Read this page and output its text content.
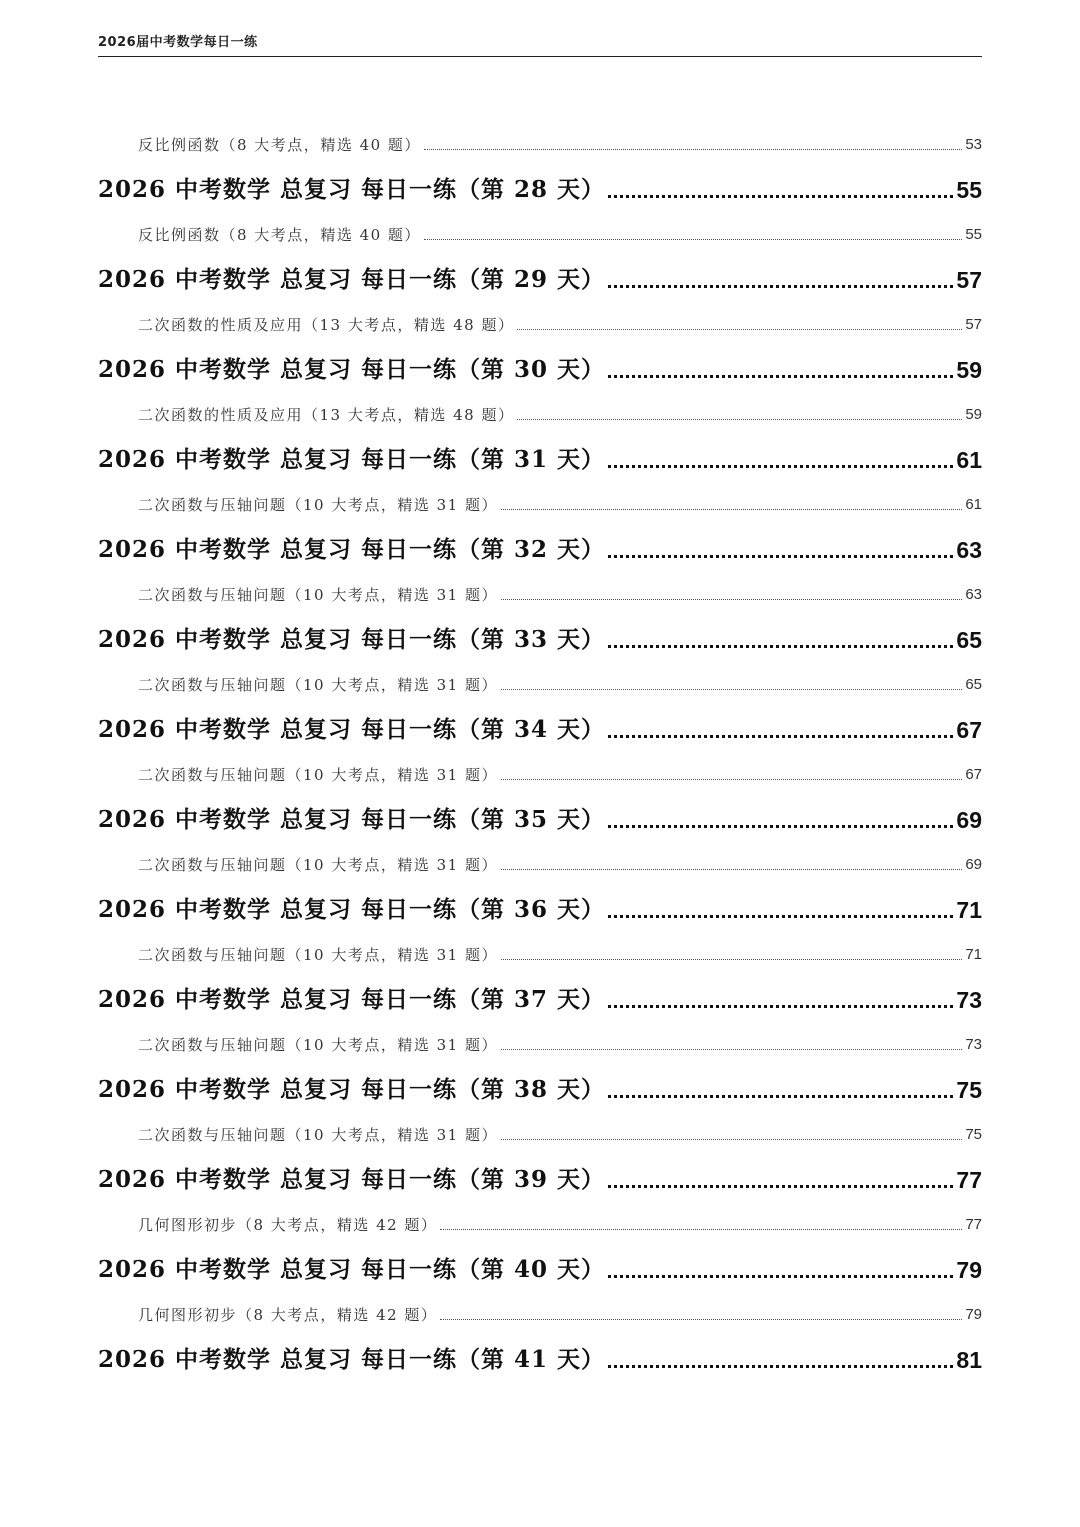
2026届中考数学每日一练
反比例函数（8 大考点，精选 40 题）	53
2026 中考数学 总复习 每日一练（第 28 天）	55
反比例函数（8 大考点，精选 40 题）	55
2026 中考数学 总复习 每日一练（第 29 天）	57
二次函数的性质及应用（13 大考点，精选 48 题）	57
2026 中考数学 总复习 每日一练（第 30 天）	59
二次函数的性质及应用（13 大考点，精选 48 题）	59
2026 中考数学 总复习 每日一练（第 31 天）	61
二次函数与压轴问题（10 大考点，精选 31 题）	61
2026 中考数学 总复习 每日一练（第 32 天）	63
二次函数与压轴问题（10 大考点，精选 31 题）	63
2026 中考数学 总复习 每日一练（第 33 天）	65
二次函数与压轴问题（10 大考点，精选 31 题）	65
2026 中考数学 总复习 每日一练（第 34 天）	67
二次函数与压轴问题（10 大考点，精选 31 题）	67
2026 中考数学 总复习 每日一练（第 35 天）	69
二次函数与压轴问题（10 大考点，精选 31 题）	69
2026 中考数学 总复习 每日一练（第 36 天）	71
二次函数与压轴问题（10 大考点，精选 31 题）	71
2026 中考数学 总复习 每日一练（第 37 天）	73
二次函数与压轴问题（10 大考点，精选 31 题）	73
2026 中考数学 总复习 每日一练（第 38 天）	75
二次函数与压轴问题（10 大考点，精选 31 题）	75
2026 中考数学 总复习 每日一练（第 39 天）	77
几何图形初步（8 大考点，精选 42 题）	77
2026 中考数学 总复习 每日一练（第 40 天）	79
几何图形初步（8 大考点，精选 42 题）	79
2026 中考数学 总复习 每日一练（第 41 天）	81
